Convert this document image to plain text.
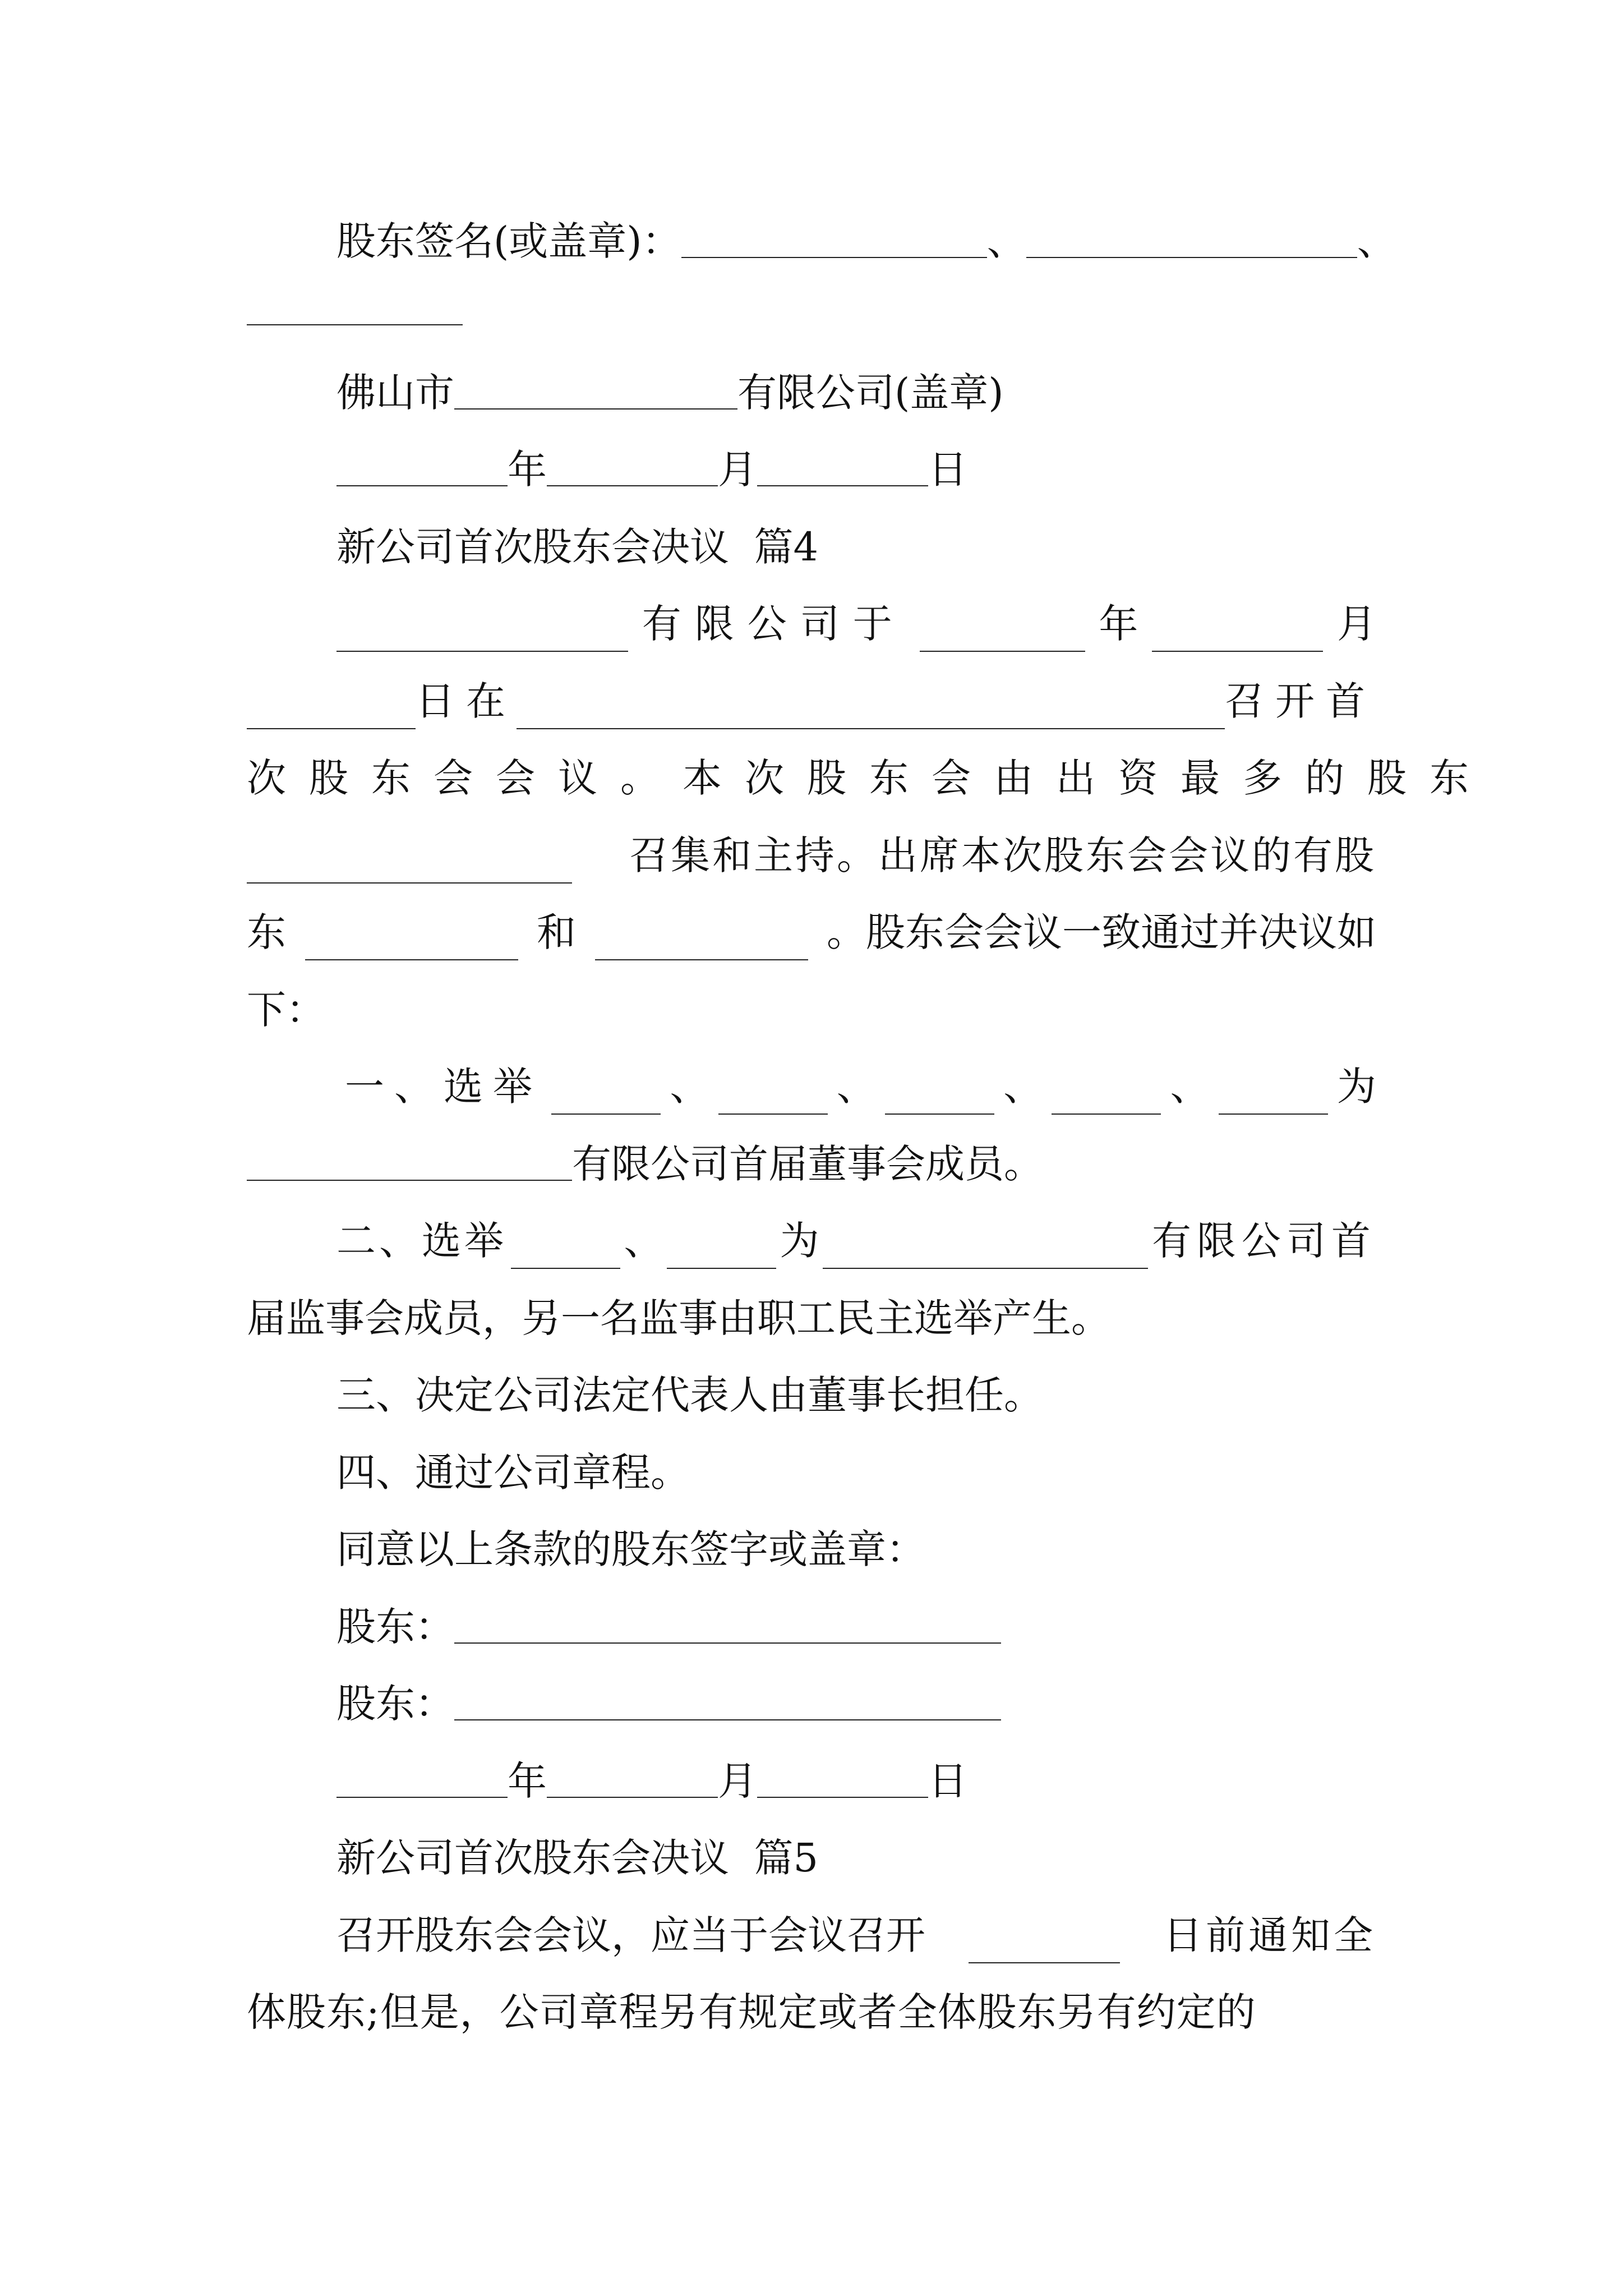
股东签名(或盖章)：	、	、
佛山市	有限公司(盖章)
年	月	日
新公司首次股东会决议  篇4
有限公司于	年	月
日在	召开首
次股东会会议。本次股东会由出资最多的股东
召集和主持。出席本次股东会会议的有股
东	和	。股东会会议一致通过并决议如
下：
一、选举	、	、	、	、	为
有限公司首届董事会成员。
二、选举	、	为	有限公司首
届监事会成员，另一名监事由职工民主选举产生。
三、决定公司法定代表人由董事长担任。
四、通过公司章程。
同意以上条款的股东签字或盖章：
股东：
股东：
年	月	日
新公司首次股东会决议  篇5
召开股东会会议，应当于会议召开	日前通知全
体股东;但是，公司章程另有规定或者全体股东另有约定的
